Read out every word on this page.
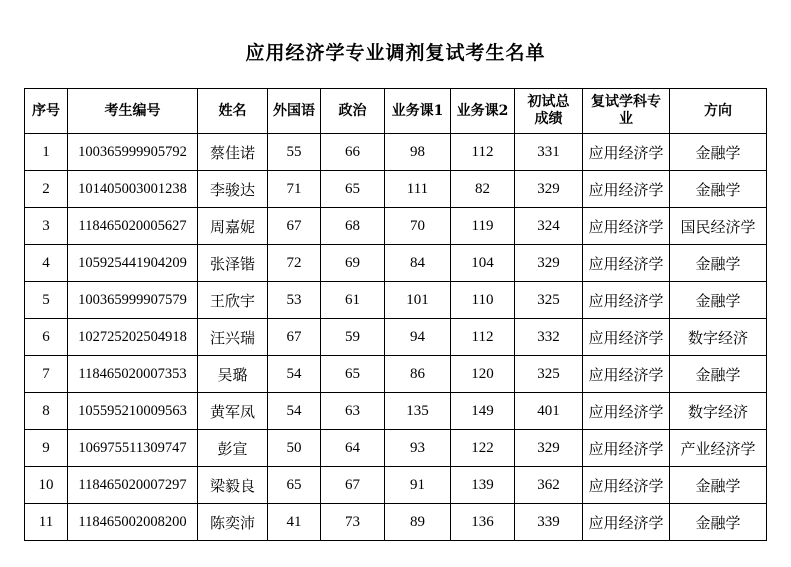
应用经济学专业调剂复试考生名单
序号	考生编号	姓名	外国语	政治	业务课1	业务课2	初试总成绩	复试学科专业	方向
1	100365999905792	蔡佳诺	55	66	98	112	331	应用经济学	金融学
2	101405003001238	李骏达	71	65	111	82	329	应用经济学	金融学
3	118465020005627	周嘉妮	67	68	70	119	324	应用经济学	国民经济学
4	105925441904209	张泽锴	72	69	84	104	329	应用经济学	金融学
5	100365999907579	王欣宇	53	61	101	110	325	应用经济学	金融学
6	102725202504918	汪兴瑞	67	59	94	112	332	应用经济学	数字经济
7	118465020007353	吴璐	54	65	86	120	325	应用经济学	金融学
8	105595210009563	黄军凤	54	63	135	149	401	应用经济学	数字经济
9	106975511309747	彭宣	50	64	93	122	329	应用经济学	产业经济学
10	118465020007297	梁毅良	65	67	91	139	362	应用经济学	金融学
11	118465002008200	陈奕沛	41	73	89	136	339	应用经济学	金融学
